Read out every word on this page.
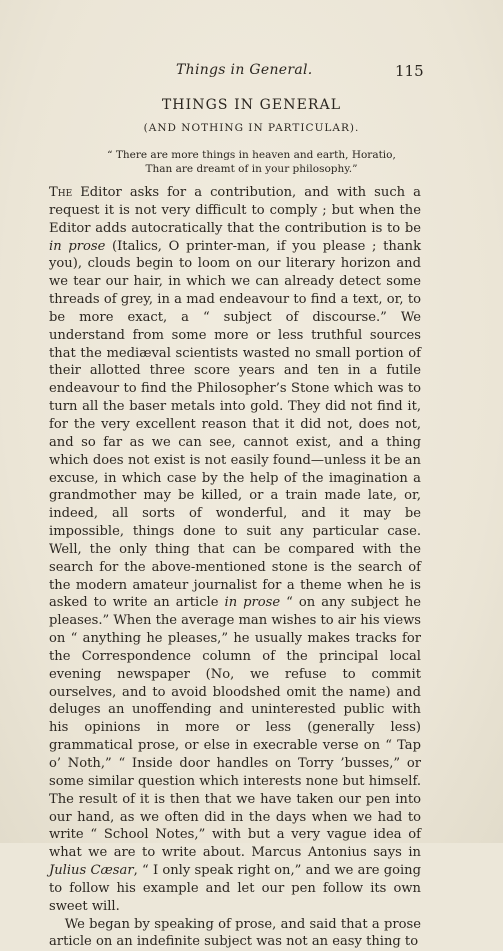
Things in General.	115
THINGS IN GENERAL
(AND NOTHING IN PARTICULAR).
“ There are more things in heaven and earth, Horatio,
Than are dreamt of in your philosophy.”

The Editor asks for a contribution, and with such a request it is not very difficult to comply ; but when the Editor adds autocratically that the contribution is to be in prose (Italics, O printer-man, if you please ; thank you), clouds begin to loom on our literary horizon and we tear our hair, in which we can already detect some threads of grey, in a mad endeavour to find a text, or, to be more exact, a “ subject of discourse.” We understand from some more or less truthful sources that the mediæval scientists wasted no small portion of their allotted three score years and ten in a futile endeavour to find the Philosopher’s Stone which was to turn all the baser metals into gold. They did not find it, for the very excellent reason that it did not, does not, and so far as we can see, cannot exist, and a thing which does not exist is not easily found—unless it be an excuse, in which case by the help of the imagination a grandmother may be killed, or a train made late, or, indeed, all sorts of wonderful, and it may be impossible, things done to suit any particular case. Well, the only thing that can be compared with the search for the above-mentioned stone is the search of the modern amateur journalist for a theme when he is asked to write an article in prose “ on any subject he pleases.” When the average man wishes to air his views on “ anything he pleases,” he usually makes tracks for the Correspondence column of the principal local evening newspaper (No, we refuse to commit ourselves, and to avoid bloodshed omit the name) and deluges an unoffending and uninterested public with his opinions in more or less (generally less) grammatical prose, or else in execrable verse on “ Tap o’ Noth,” “ Inside door handles on Torry ’busses,” or some similar question which interests none but himself. The result of it is then that we have taken our pen into our hand, as we often did in the days when we had to write “ School Notes,” with but a very vague idea of what we are to write about. Marcus Antonius says in Julius Cæsar, “ I only speak right on,” and we are going to follow his example and let our pen follow its own sweet will.

We began by speaking of prose, and said that a prose article on an indefinite subject was not an easy thing to
